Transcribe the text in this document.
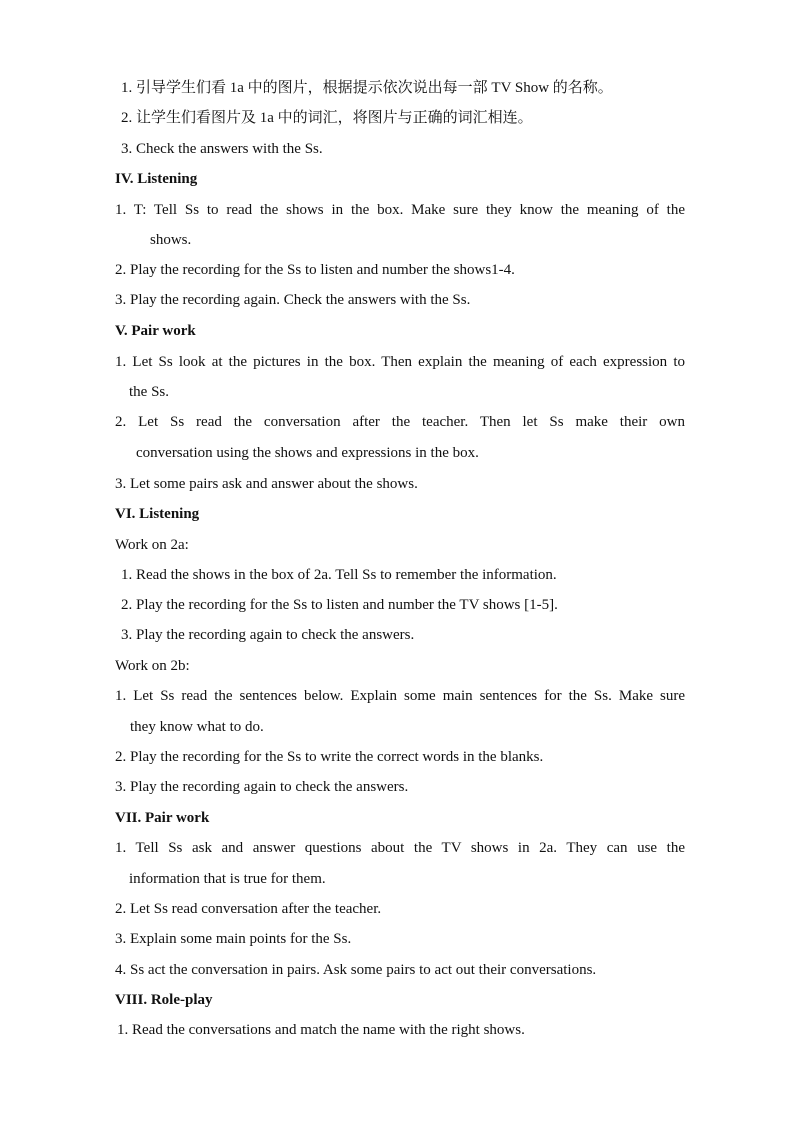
1. 引导学生们看 1a 中的图片，根据提示依次说出每一部 TV Show 的名称。
2. 让学生们看图片及 1a 中的词汇，将图片与正确的词汇相连。
3. Check the answers with the Ss.
IV. Listening
1. T: Tell Ss to read the shows in the box. Make sure they know the meaning of the
shows.
2. Play the recording for the Ss to listen and number the shows1-4.
3. Play the recording again. Check the answers with the Ss.
V. Pair work
1. Let Ss look at the pictures in the box. Then explain the meaning of each expression to
the Ss.
2. Let Ss read the conversation after the teacher. Then let Ss make their own
conversation using the shows and expressions in the box.
3. Let some pairs ask and answer about the shows.
VI. Listening
Work on 2a:
1. Read the shows in the box of 2a. Tell Ss to remember the information.
2. Play the recording for the Ss to listen and number the TV shows [1-5].
3. Play the recording again to check the answers.
Work on 2b:
1. Let Ss read the sentences below. Explain some main sentences for the Ss. Make sure
they know what to do.
2. Play the recording for the Ss to write the correct words in the blanks.
3. Play the recording again to check the answers.
VII. Pair work
1. Tell Ss ask and answer questions about the TV shows in 2a. They can use the
information that is true for them.
2. Let Ss read conversation after the teacher.
3. Explain some main points for the Ss.
4. Ss act the conversation in pairs. Ask some pairs to act out their conversations.
VIII. Role-play
1. Read the conversations and match the name with the right shows.
